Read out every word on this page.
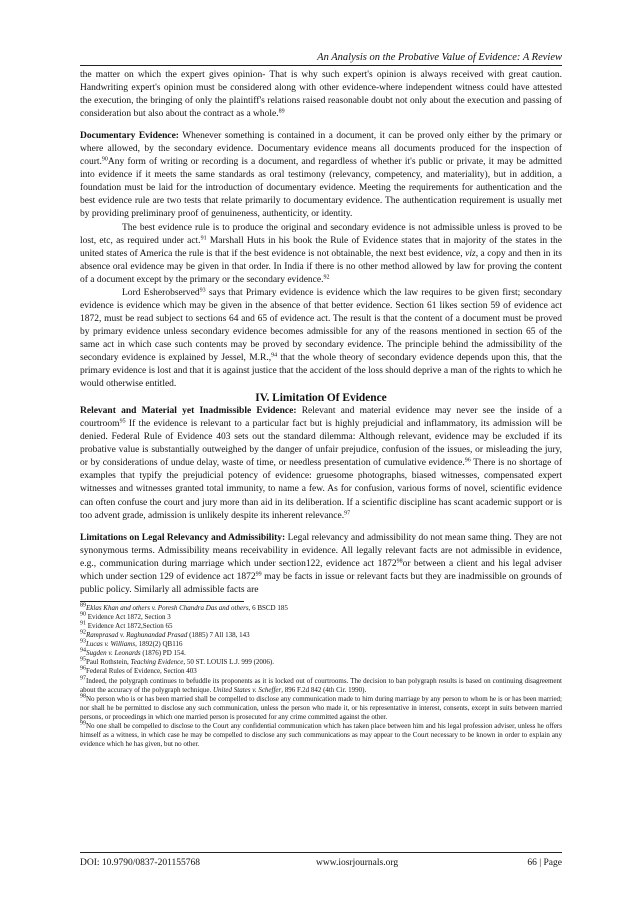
An Analysis on the Probative Value of Evidence: A Review

the matter on which the expert gives opinion- That is why such expert's opinion is always received with great caution. Handwriting expert's opinion must be considered along with other evidence-where independent witness could have attested the execution, the bringing of only the plaintiff's relations raised reasonable doubt not only about the execution and passing of consideration but also about the contract as a whole.$^{89}$

Documentary Evidence: Whenever something is contained in a document, it can be proved only either by the primary or where allowed, by the secondary evidence. Documentary evidence means all documents produced for the inspection of court.$^{90}$Any form of writing or recording is a document, and regardless of whether it's public or private, it may be admitted into evidence if it meets the same standards as oral testimony (relevancy, competency, and materiality), but in addition, a foundation must be laid for the introduction of documentary evidence. Meeting the requirements for authentication and the best evidence rule are two tests that relate primarily to documentary evidence. The authentication requirement is usually met by providing preliminary proof of genuineness, authenticity, or identity.

The best evidence rule is to produce the original and secondary evidence is not admissible unless is proved to be lost, etc, as required under act.$^{91}$ Marshall Huts in his book the Rule of Evidence states that in majority of the states in the united states of America the rule is that if the best evidence is not obtainable, the next best evidence, viz, a copy and then in its absence oral evidence may be given in that order. In India if there is no other method allowed by law for proving the content of a document except by the primary or the secondary evidence.$^{92}$

Lord Esherobserved$^{93}$ says that Primary evidence is evidence which the law requires to be given first; secondary evidence is evidence which may be given in the absence of that better evidence. Section 61 likes section 59 of evidence act 1872, must be read subject to sections 64 and 65 of evidence act. The result is that the content of a document must be proved by primary evidence unless secondary evidence becomes admissible for any of the reasons mentioned in section 65 of the same act in which case such contents may be proved by secondary evidence. The principle behind the admissibility of the secondary evidence is explained by Jessel, M.R.,$^{94}$ that the whole theory of secondary evidence depends upon this, that the primary evidence is lost and that it is against justice that the accident of the loss should deprive a man of the rights to which he would otherwise entitled.

IV. Limitation Of Evidence

Relevant and Material yet Inadmissible Evidence: Relevant and material evidence may never see the inside of a courtroom$^{95}$ If the evidence is relevant to a particular fact but is highly prejudicial and inflammatory, its admission will be denied. Federal Rule of Evidence 403 sets out the standard dilemma: Although relevant, evidence may be excluded if its probative value is substantially outweighed by the danger of unfair prejudice, confusion of the issues, or misleading the jury, or by considerations of undue delay, waste of time, or needless presentation of cumulative evidence.$^{96}$ There is no shortage of examples that typify the prejudicial potency of evidence: gruesome photographs, biased witnesses, compensated expert witnesses and witnesses granted total immunity, to name a few. As for confusion, various forms of novel, scientific evidence can often confuse the court and jury more than aid in its deliberation. If a scientific discipline has scant academic support or is too advent grade, admission is unlikely despite its inherent relevance.$^{97}$

Limitations on Legal Relevancy and Admissibility: Legal relevancy and admissibility do not mean same thing. They are not synonymous terms. Admissibility means receivability in evidence. All legally relevant facts are not admissible in evidence, e.g., communication during marriage which under section122, evidence act 1872$^{98}$or between a client and his legal adviser which under section 129 of evidence act 1872$^{99}$ may be facts in issue or relevant facts but they are inadmissible on grounds of public policy. Similarly all admissible facts are

$^{89}$Eklas Khan and others v. Poresh Chandra Das and others, 6 BSCD 185
$^{90}$ Evidence Act 1872, Section 3
$^{91}$ Evidence Act 1872,Section 65
$^{92}$Ramprasad v. Raghunandad Prasad (1885) 7 All 138, 143
$^{93}$Lucas v. Williams, 1892(2) QB116
$^{94}$Sugden v. Leonards (1876) PD 154.
$^{95}$Paul Rothstein, Teaching Evidence, 50 ST. LOUIS L.J. 999 (2006).
$^{96}$Federal Rules of Evidence, Section 403
$^{97}$Indeed, the polygraph continues to befuddle its proponents as it is locked out of courtrooms. The decision to ban polygraph results is based on continuing disagreement about the accuracy of the polygraph technique. United States v. Scheffer, 896 F.2d 842 (4th Cir. 1990).
$^{98}$No person who is or has been married shall be compelled to disclose any communication made to him during marriage by any person to whom he is or has been married; nor shall he be permitted to disclose any such communication, unless the person who made it, or his representative in interest, consents, except in suits between married persons, or proceedings in which one married person is prosecuted for any crime committed against the other.
$^{99}$No one shall be compelled to disclose to the Court any confidential communication which has taken place between him and his legal profession adviser, unless he offers himself as a witness, in which case he may be compelled to disclose any such communications as may appear to the Court necessary to be known in order to explain any evidence which he has given, but no other.
DOI: 10.9790/0837-201155768	www.iosrjournals.org	66 | Page
